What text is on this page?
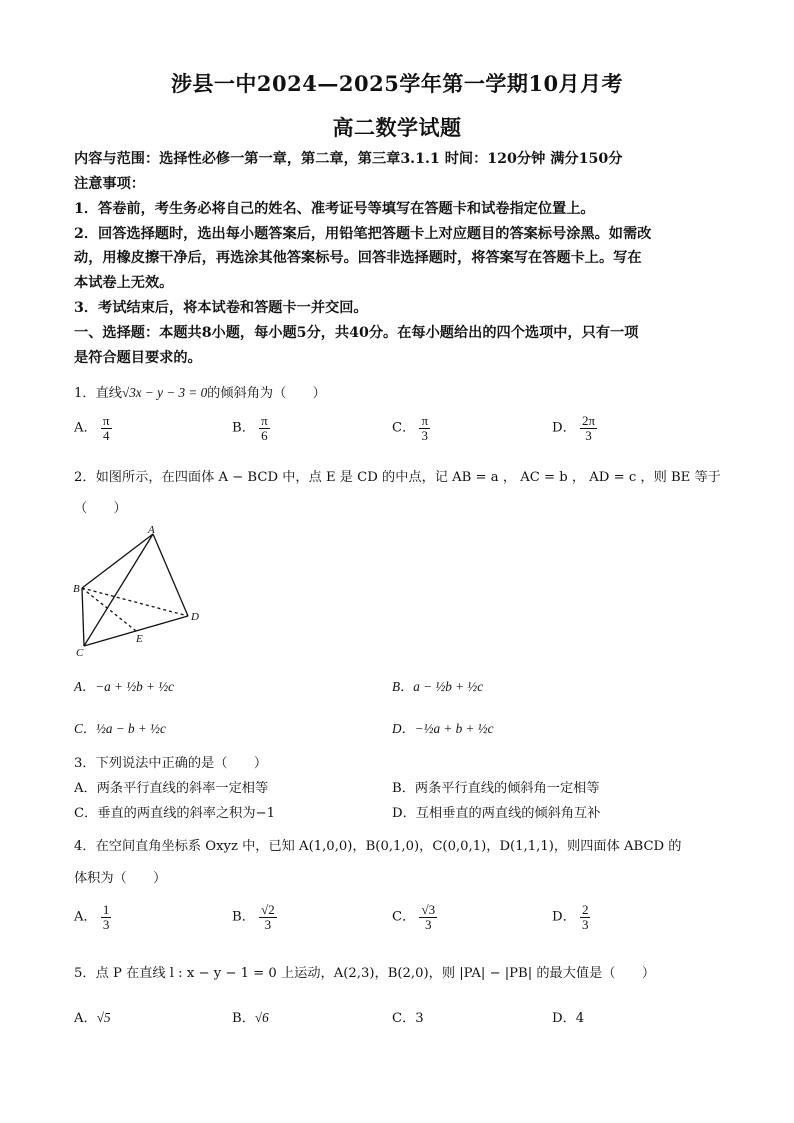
涉县一中2024—2025学年第一学期10月月考
高二数学试题
内容与范围：选择性必修一第一章，第二章，第三章3.1.1 时间：120分钟 满分150分
注意事项：
1．答卷前，考生务必将自己的姓名、准考证号等填写在答题卡和试卷指定位置上。
2．回答选择题时，选出每小题答案后，用铅笔把答题卡上对应题目的答案标号涂黑。如需改
动，用橡皮擦干净后，再选涂其他答案标号。回答非选择题时，将答案写在答题卡上。写在
本试卷上无效。
3．考试结束后，将本试卷和答题卡一并交回。
一、选择题：本题共8小题，每小题5分，共40分。在每小题给出的四个选项中，只有一项
是符合题目要求的。
1．直线√3x − y − 3 = 0的倾斜角为（　　）
A． $\frac{\pi}{4}$	B． $\frac{\pi}{6}$	C． $\frac{\pi}{3}$	D． $\frac{2\pi}{3}$
2．如图所示，在四面体 A − BCD 中，点 E 是 CD 的中点，记 AB = a ， AC = b ， AD = c ，则 BE 等于
（　　）
A
B
C
D
E
A．−a + ½b + ½c	B．a − ½b + ½c
C．½a − b + ½c	D．−½a + b + ½c
3．下列说法中正确的是（　　）
A．两条平行直线的斜率一定相等	B．两条平行直线的倾斜角一定相等
C．垂直的两直线的斜率之积为−1	D．互相垂直的两直线的倾斜角互补
4．在空间直角坐标系 Oxyz 中，已知 A(1,0,0)，B(0,1,0)，C(0,0,1)，D(1,1,1)，则四面体 ABCD 的
体积为（　　）
A． $\frac{1}{3}$	B． $\frac{√2}{3}$	C． $\frac{√3}{3}$	D． $\frac{2}{3}$
5．点 P 在直线 l : x − y − 1 = 0 上运动，A(2,3)，B(2,0)，则 |PA| − |PB| 的最大值是（　　）
A．√5	B．√6	C．3	D．4
